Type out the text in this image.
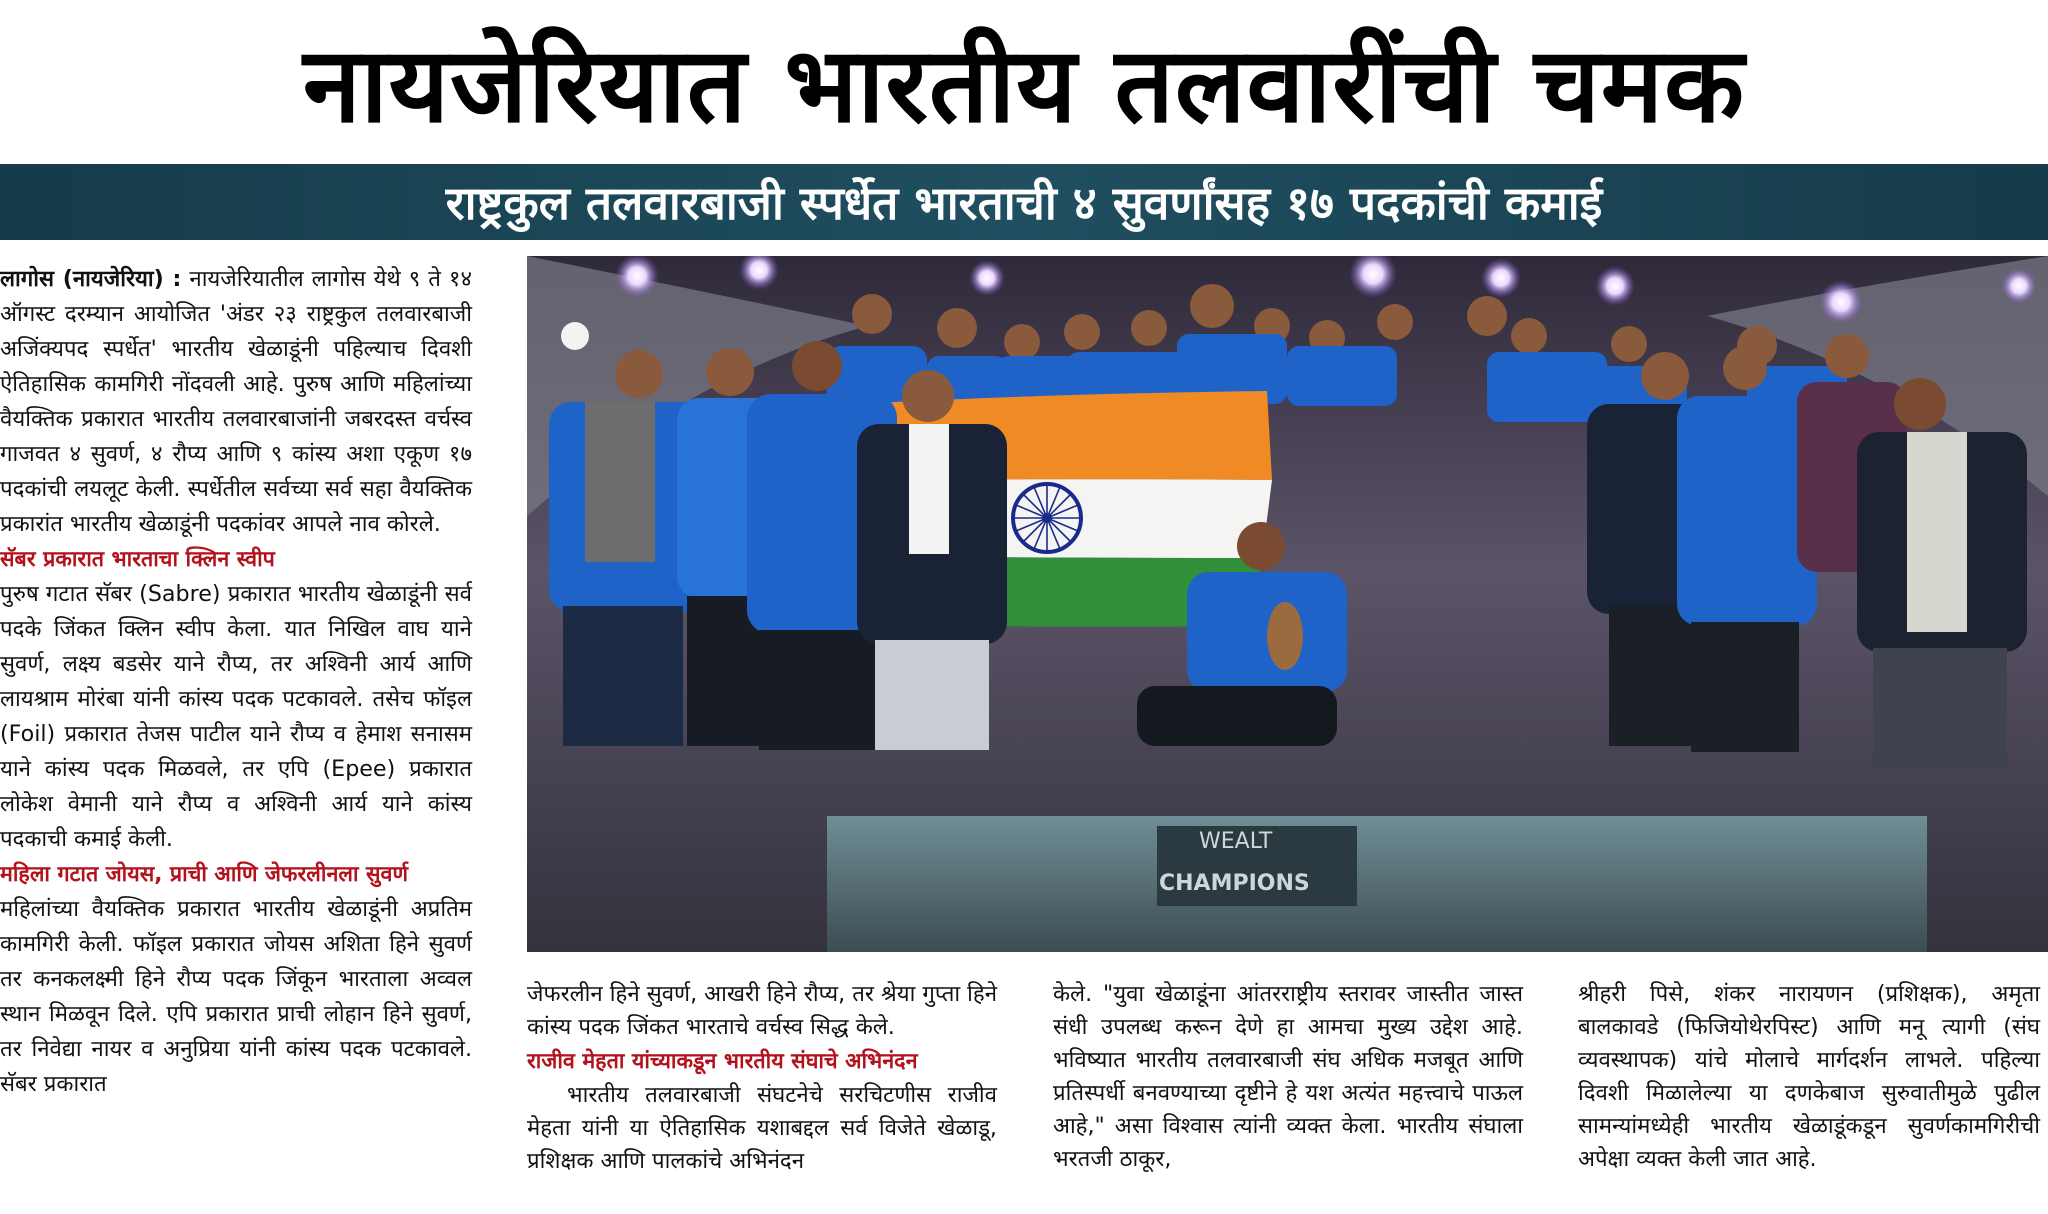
नायजेरियात भारतीय तलवारींची चमक
राष्ट्रकुल तलवारबाजी स्पर्धेत भारताची ४ सुवर्णांसह १७ पदकांची कमाई

लागोस (नायजेरिया) : नायजेरियातील लागोस येथे ९ ते १४ ऑगस्ट दरम्यान आयोजित 'अंडर २३ राष्ट्रकुल तलवारबाजी अजिंक्यपद स्पर्धेत' भारतीय खेळाडूंनी पहिल्याच दिवशी ऐतिहासिक कामगिरी नोंदवली आहे. पुरुष आणि महिलांच्या वैयक्तिक प्रकारात भारतीय तलवारबाजांनी जबरदस्त वर्चस्व गाजवत ४ सुवर्ण, ४ रौप्य आणि ९ कांस्य अशा एकूण १७ पदकांची लयलूट केली. स्पर्धेतील सर्वच्या सर्व सहा वैयक्तिक प्रकारांत भारतीय खेळाडूंनी पदकांवर आपले नाव कोरले.

सॅबर प्रकारात भारताचा क्लिन स्वीप

पुरुष गटात सॅबर (Sabre) प्रकारात भारतीय खेळाडूंनी सर्व पदके जिंकत क्लिन स्वीप केला. यात निखिल वाघ याने सुवर्ण, लक्ष्य बडसेर याने रौप्य, तर अश्विनी आर्य आणि लायश्राम मोरंबा यांनी कांस्य पदक पटकावले. तसेच फॉइल (Foil) प्रकारात तेजस पाटील याने रौप्य व हेमाश सनासम याने कांस्य पदक मिळवले, तर एपि (Epee) प्रकारात लोकेश वेमानी याने रौप्य व अश्विनी आर्य याने कांस्य पदकाची कमाई केली.

महिला गटात जोयस, प्राची आणि जेफरलीनला सुवर्ण

महिलांच्या वैयक्तिक प्रकारात भारतीय खेळाडूंनी अप्रतिम कामगिरी केली. फॉइल प्रकारात जोयस अशिता हिने सुवर्ण तर कनकलक्ष्मी हिने रौप्य पदक जिंकून भारताला अव्वल स्थान मिळवून दिले. एपि प्रकारात प्राची लोहान हिने सुवर्ण, तर निवेद्या नायर व अनुप्रिया यांनी कांस्य पदक पटकावले. सॅबर प्रकारात

WEALT
CHAMPIONS

जेफरलीन हिने सुवर्ण, आखरी हिने रौप्य, तर श्रेया गुप्ता हिने कांस्य पदक जिंकत भारताचे वर्चस्व सिद्ध केले.

राजीव मेहता यांच्याकडून भारतीय संघाचे अभिनंदन

भारतीय तलवारबाजी संघटनेचे सरचिटणीस राजीव मेहता यांनी या ऐतिहासिक यशाबद्दल सर्व विजेते खेळाडू, प्रशिक्षक आणि पालकांचे अभिनंदन

केले. "युवा खेळाडूंना आंतरराष्ट्रीय स्तरावर जास्तीत जास्त संधी उपलब्ध करून देणे हा आमचा मुख्य उद्देश आहे. भविष्यात भारतीय तलवारबाजी संघ अधिक मजबूत आणि प्रतिस्पर्धी बनवण्याच्या दृष्टीने हे यश अत्यंत महत्त्वाचे पाऊल आहे," असा विश्वास त्यांनी व्यक्त केला. भारतीय संघाला भरतजी ठाकूर,

श्रीहरी पिसे, शंकर नारायणन (प्रशिक्षक), अमृता बालकावडे (फिजियोथेरपिस्ट) आणि मनू त्यागी (संघ व्यवस्थापक) यांचे मोलाचे मार्गदर्शन लाभले. पहिल्या दिवशी मिळालेल्या या दणकेबाज सुरुवातीमुळे पुढील सामन्यांमध्येही भारतीय खेळाडूंकडून सुवर्णकामगिरीची अपेक्षा व्यक्त केली जात आहे.
